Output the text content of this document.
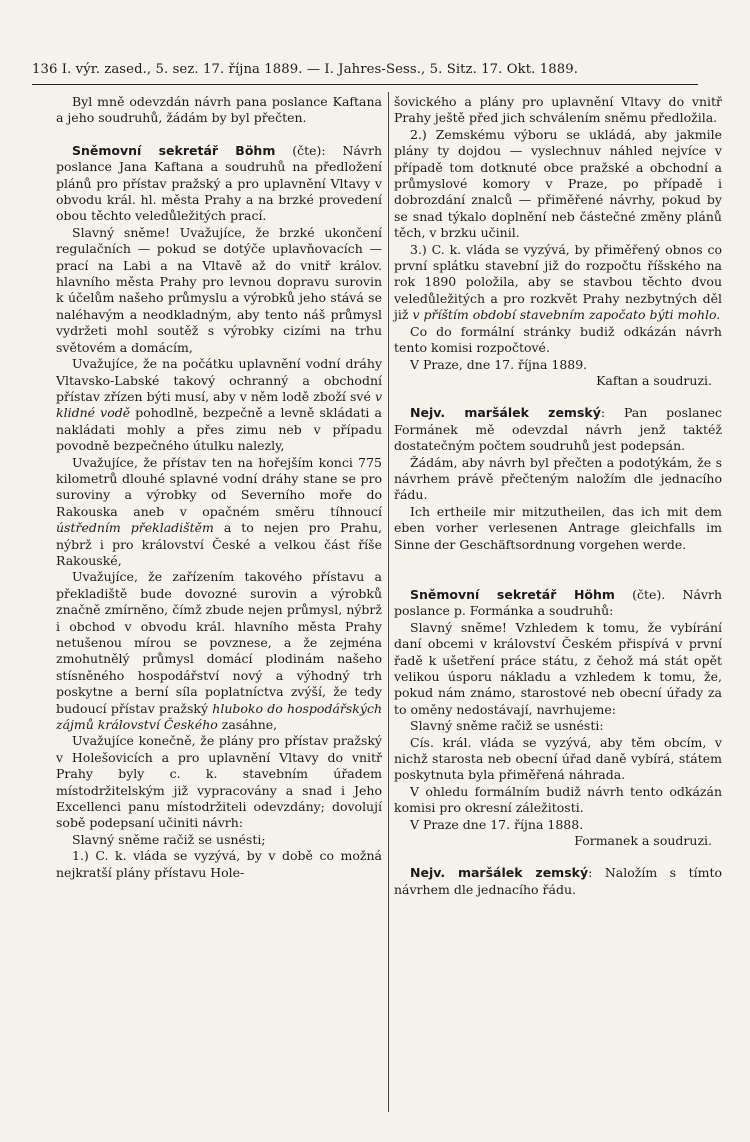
136 I. výr. zased., 5. sez. 17. října 1889. — I. Jahres-Sess., 5. Sitz. 17. Okt. 1889.

Byl mně odevzdán návrh pana poslance Kaftana a jeho soudruhů, žádám by byl přečten.

Sněmovní sekretář Böhm (čte): Návrh poslance Jana Kaftana a soudruhů na předložení plánů pro přístav pražský a pro uplavnění Vltavy v obvodu král. hl. města Prahy a na brzké provedení obou těchto veledůležitých prací.

Slavný sněme! Uvažujíce, že brzké ukončení regulačních — pokud se dotýče uplavňovacích — prací na Labi a na Vltavě až do vnitř králov. hlavního města Prahy pro levnou dopravu surovin k účelům našeho průmyslu a výrobků jeho stává se naléhavým a neodkladným, aby tento náš průmysl vydržeti mohl soutěž s výrobky cizími na trhu světovém a domácím,

Uvažujíce, že na počátku uplavnění vodní dráhy Vltavsko-Labské takový ochranný a obchodní přístav zřízen býti musí, aby v něm lodě zboží své v klidné vodě pohodlně, bezpečně a levně skládati a nakládati mohly a přes zimu neb v případu povodně bezpečného útulku nalezly,

Uvažujíce, že přístav ten na hořejším konci 775 kilometrů dlouhé splavné vodní dráhy stane se pro suroviny a výrobky od Severního moře do Rakouska aneb v opačném směru tíhnoucí ústředním překladištěm a to nejen pro Prahu, nýbrž i pro království České a velkou část říše Rakouské,

Uvažujíce, že zařízením takového přístavu a překladiště bude dovozné surovin a výrobků značně zmírněno, čímž zbude nejen průmysl, nýbrž i obchod v obvodu král. hlavního města Prahy netušenou mírou se povznese, a že zejména zmohutnělý průmysl domácí plodinám našeho stísněného hospodářství nový a výhodný trh poskytne a berní síla poplatníctva zvýší, že tedy budoucí přístav pražský hluboko do hospodářských zájmů království Českého zasáhne,

Uvažujíce konečně, že plány pro přístav pražský v Holešovicích a pro uplavnění Vltavy do vnitř Prahy byly c. k. stavebním úřadem místodržitelským již vypracovány a snad i Jeho Excellenci panu místodržiteli odevzdány; dovolují sobě podepsaní učiniti návrh:

Slavný sněme račiž se usnésti;

1.) C. k. vláda se vyzývá, by v době co možná nejkratší plány přístavu Hole-

šovického a plány pro uplavnění Vltavy do vnitř Prahy ještě před jich schválením sněmu předložila.

2.) Zemskému výboru se ukládá, aby jakmile plány ty dojdou — vyslechnuv náhled nejvíce v případě tom dotknuté obce pražské a obchodní a průmyslové komory v Praze, po případě i dobrozdání znalců — přiměřené návrhy, pokud by se snad týkalo doplnění neb částečné změny plánů těch, v brzku učinil.

3.) C. k. vláda se vyzývá, by přiměřený obnos co první splátku stavební již do rozpočtu říšského na rok 1890 položila, aby se stavbou těchto dvou veledůležitých a pro rozkvět Prahy nezbytných děl již v příštím období stavebním započato býti mohlo.

Co do formální stránky budiž odkázán návrh tento komisi rozpočtové.

V Praze, dne 17. října 1889.

Kaftan a soudruzi.

Nejv. maršálek zemský: Pan poslanec Formánek mě odevzdal návrh jenž taktéž dostatečným počtem soudruhů jest podepsán.

Žádám, aby návrh byl přečten a podotýkám, že s návrhem právě přečteným naložím dle jednacího řádu.

Ich ertheile mir mitzutheilen, das ich mit dem eben vorher verlesenen Antrage gleichfalls im Sinne der Geschäftsordnung vorgehen werde.

Sněmovní sekretář Höhm (čte). Návrh poslance p. Formánka a soudruhů:

Slavný sněme! Vzhledem k tomu, že vybírání daní obcemi v království Českém přispívá v první řadě k ušetření práce státu, z čehož má stát opět velikou úsporu nákladu a vzhledem k tomu, že, pokud nám známo, starostové neb obecní úřady za to oměny nedostávají, navrhujeme:

Slavný sněme račiž se usnésti:

Cís. král. vláda se vyzývá, aby těm obcím, v nichž starosta neb obecní úřad daně vybírá, státem poskytnuta byla přiměřená náhrada.

V ohledu formálním budiž návrh tento odkázán komisi pro okresní záležitosti.

V Praze dne 17. října 1888.

Formanek a soudruzi.

Nejv. maršálek zemský: Naložím s tímto návrhem dle jednacího řádu.
